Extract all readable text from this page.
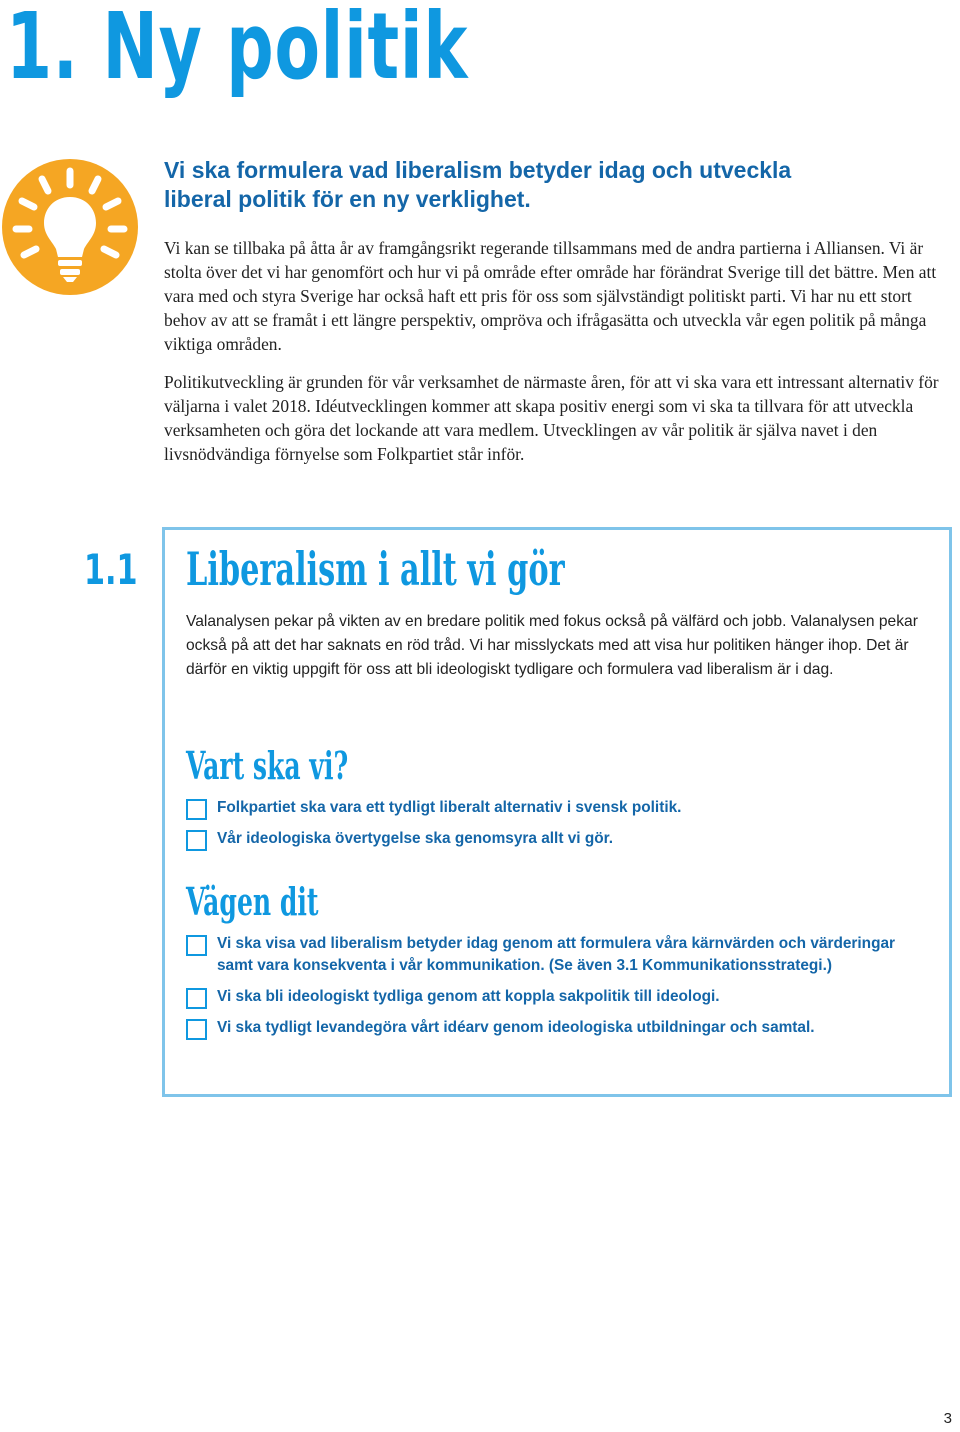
1. Ny politik
Vi ska formulera vad liberalism betyder idag och utveckla liberal politik för en ny verklighet.

Vi kan se tillbaka på åtta år av framgångsrikt regerande tillsammans med de andra partierna i Alliansen. Vi är stolta över det vi har genomfört och hur vi på område efter område har förändrat Sverige till det bättre. Men att vara med och styra Sverige har också haft ett pris för oss som självständigt politiskt parti. Vi har nu ett stort behov av att se framåt i ett längre perspektiv, ompröva och ifrågasätta och utveckla vår egen politik på många viktiga områden.

Politikutveckling är grunden för vår verksamhet de närmaste åren, för att vi ska vara ett intressant alternativ för väljarna i valet 2018. Idéutvecklingen kommer att skapa positiv energi som vi ska ta tillvara för att utveckla verksamheten och göra det lockande att vara medlem. Utvecklingen av vår politik är själva navet i den livsnödvändiga förnyelse som Folkpartiet står inför.

1.1 Liberalism i allt vi gör

Valanalysen pekar på vikten av en bredare politik med fokus också på välfärd och jobb. Valanalysen pekar också på att det har saknats en röd tråd. Vi har misslyckats med att visa hur politiken hänger ihop. Det är därför en viktig uppgift för oss att bli ideologiskt tydligare och formulera vad liberalism är i dag.

Vart ska vi?
Folkpartiet ska vara ett tydligt liberalt alternativ i svensk politik.
Vår ideologiska övertygelse ska genomsyra allt vi gör.
Vägen dit
Vi ska visa vad liberalism betyder idag genom att formulera våra kärnvärden och värderingar samt vara konsekventa i vår kommunikation. (Se även 3.1 Kommunikationsstrategi.)
Vi ska bli ideologiskt tydliga genom att koppla sakpolitik till ideologi.
Vi ska tydligt levandegöra vårt idéarv genom ideologiska utbildningar och samtal.
3
